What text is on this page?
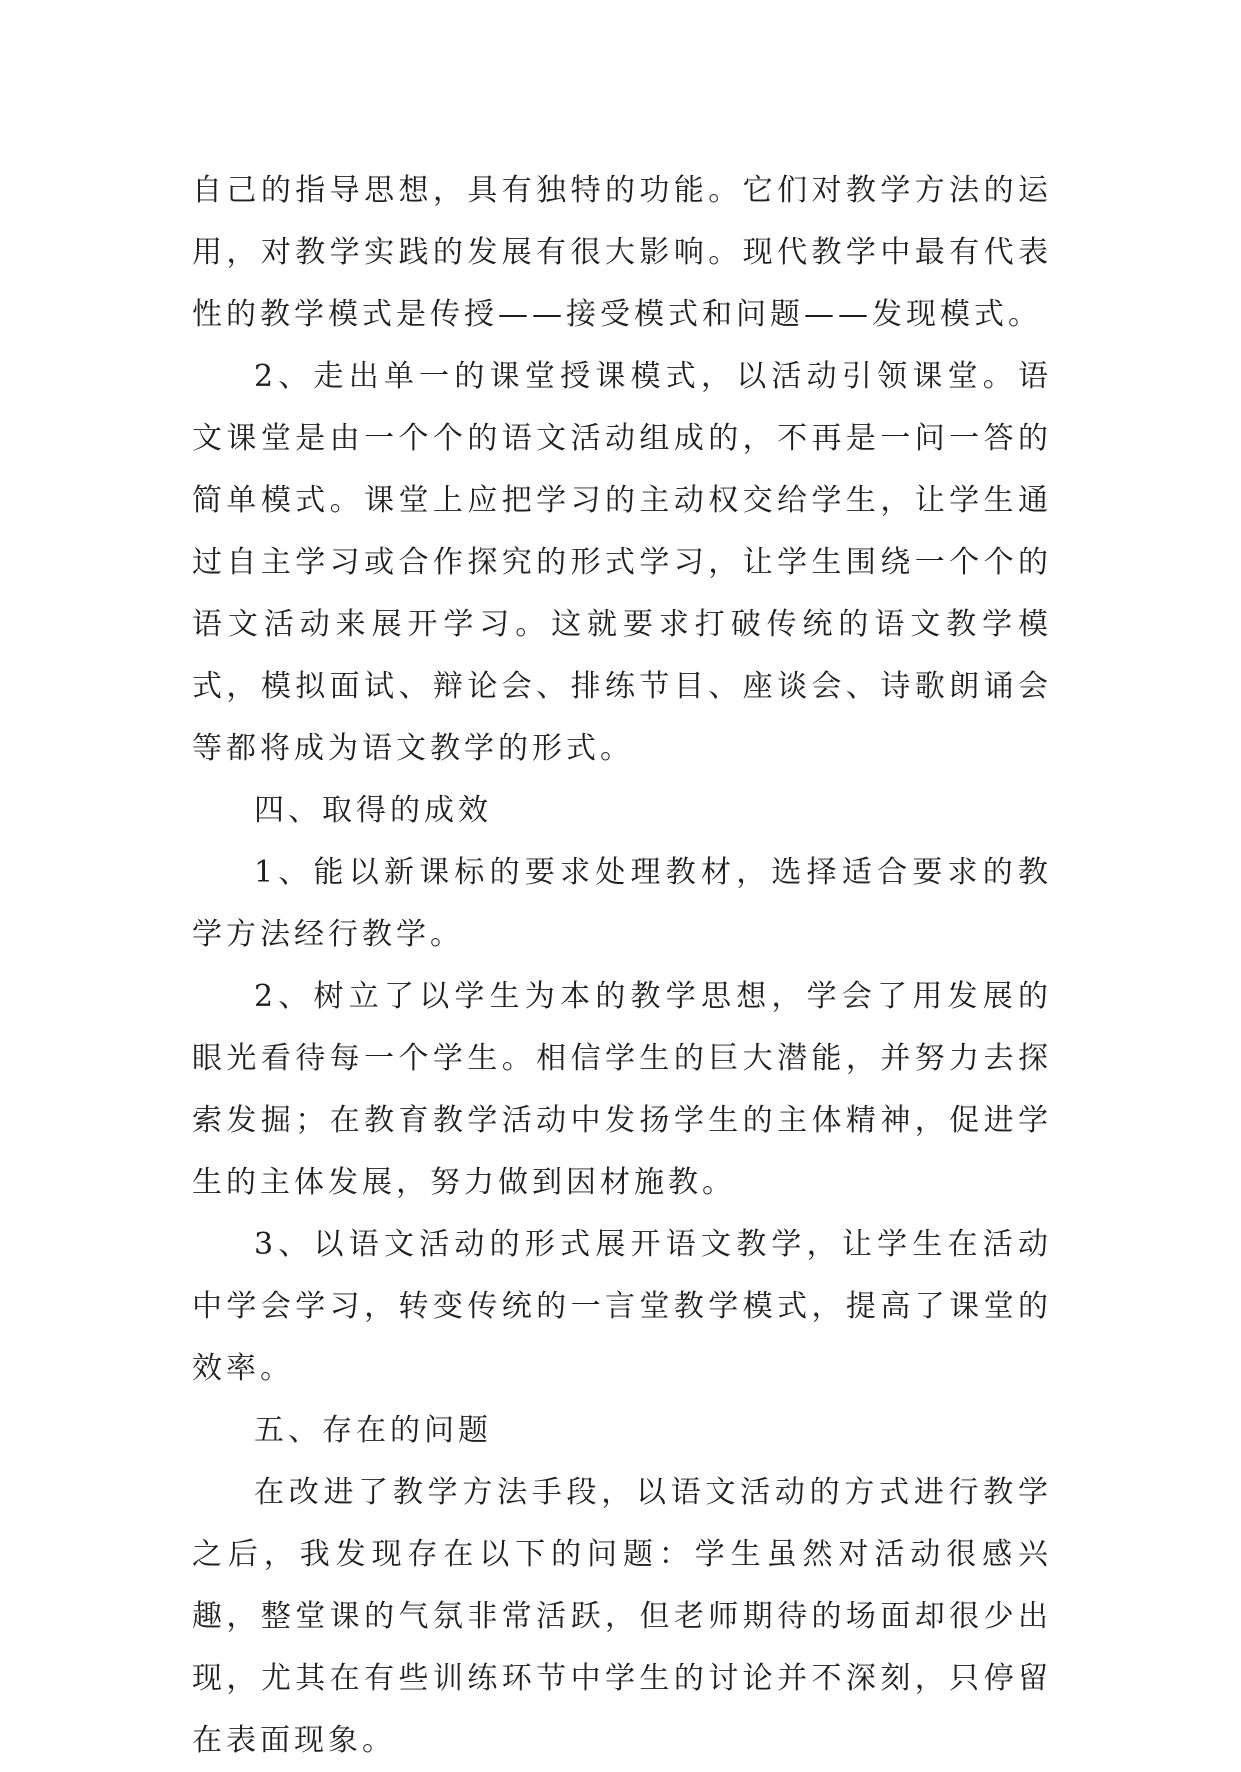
自己的指导思想，具有独特的功能。它们对教学方法的运用，对教学实践的发展有很大影响。现代教学中最有代表性的教学模式是传授——接受模式和问题——发现模式。

2、走出单一的课堂授课模式，以活动引领课堂。语文课堂是由一个个的语文活动组成的，不再是一问一答的简单模式。课堂上应把学习的主动权交给学生，让学生通过自主学习或合作探究的形式学习，让学生围绕一个个的语文活动来展开学习。这就要求打破传统的语文教学模式，模拟面试、辩论会、排练节目、座谈会、诗歌朗诵会等都将成为语文教学的形式。

四、取得的成效

1、能以新课标的要求处理教材，选择适合要求的教学方法经行教学。

2、树立了以学生为本的教学思想，学会了用发展的眼光看待每一个学生。相信学生的巨大潜能，并努力去探索发掘；在教育教学活动中发扬学生的主体精神，促进学生的主体发展，努力做到因材施教。

3、以语文活动的形式展开语文教学，让学生在活动中学会学习，转变传统的一言堂教学模式，提高了课堂的效率。

五、存在的问题

在改进了教学方法手段，以语文活动的方式进行教学之后，我发现存在以下的问题：学生虽然对活动很感兴趣，整堂课的气氛非常活跃，但老师期待的场面却很少出现，尤其在有些训练环节中学生的讨论并不深刻，只停留在表面现象。
